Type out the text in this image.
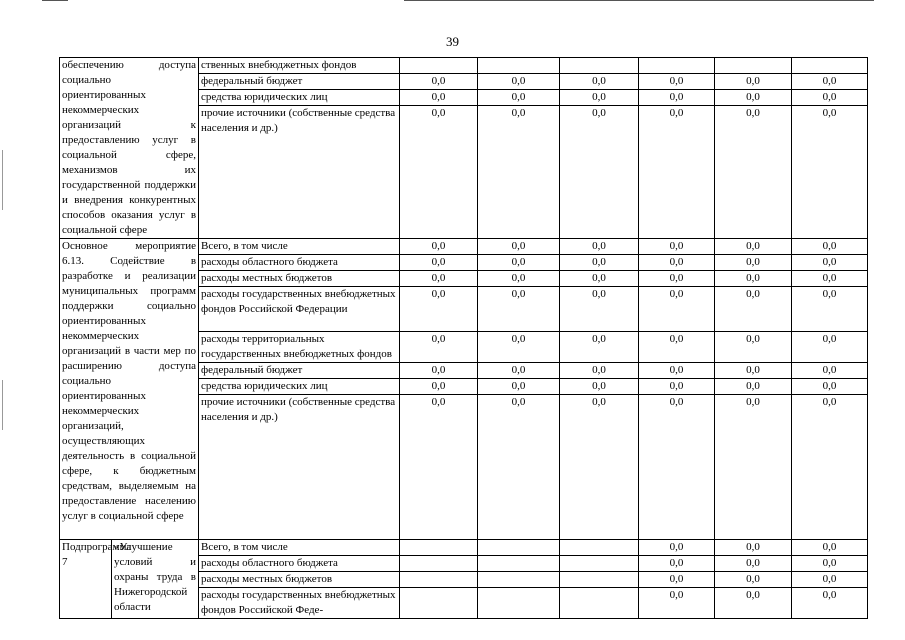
39
обеспечению доступа социально ориентированных некоммерческих организаций к предоставлению услуг в социальной сфере, механизмов их государственной поддержки и внедрения конкурентных способов оказания услуг в социальной сфере		ственных внебюджетных фондов						
		федеральный бюджет	0,0	0,0	0,0	0,0	0,0	0,0
		средства юридических лиц	0,0	0,0	0,0	0,0	0,0	0,0
		прочие источники (собственные средства населения и др.)	0,0	0,0	0,0	0,0	0,0	0,0
Основное мероприятие 6.13. Содействие в разработке и реализации муниципальных программ поддержки социально ориентированных некоммерческих организаций в части мер по расширению доступа социально ориентированных некоммерческих организаций, осуществляющих деятельность в социальной сфере, к бюджетным средствам, выделяемым на предоставление населению услуг в социальной сфере		Всего, в том числе	0,0	0,0	0,0	0,0	0,0	0,0
		расходы областного бюджета	0,0	0,0	0,0	0,0	0,0	0,0
		расходы местных бюджетов	0,0	0,0	0,0	0,0	0,0	0,0
		расходы государственных внебюджетных фондов Российской Федерации	0,0	0,0	0,0	0,0	0,0	0,0
		расходы территориальных государственных внебюджетных фондов	0,0	0,0	0,0	0,0	0,0	0,0
		федеральный бюджет	0,0	0,0	0,0	0,0	0,0	0,0
		средства юридических лиц	0,0	0,0	0,0	0,0	0,0	0,0
		прочие источники (собственные средства населения и др.)	0,0	0,0	0,0	0,0	0,0	0,0
Подпрограмма 7	«Улучшение условий и охраны труда в Нижегородской области	Всего, в том числе				0,0	0,0	0,0
		расходы областного бюджета				0,0	0,0	0,0
		расходы местных бюджетов				0,0	0,0	0,0
		расходы государственных внебюджетных фондов Российской Феде-				0,0	0,0	0,0
